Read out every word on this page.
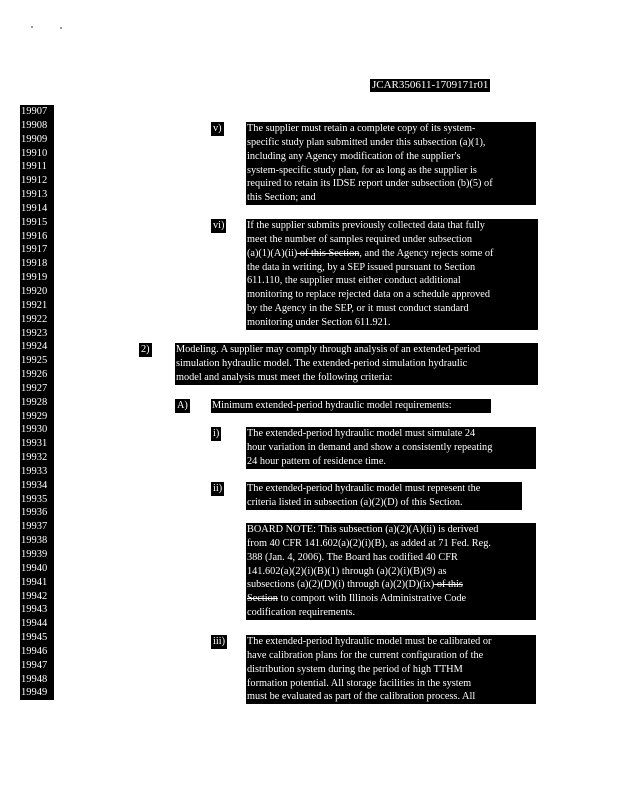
JCAR350611-1709171r01
19907
19908
19909
19910
19911
19912
19913
19914
19915
19916
19917
19918
19919
19920
19921
19922
19923
19924
19925
19926
19927
19928
19929
19930
19931
19932
19933
19934
19935
19936
19937
19938
19939
19940
19941
19942
19943
19944
19945
19946
19947
19948
19949
v) The supplier must retain a complete copy of its system-
specific study plan submitted under this subsection (a)(1),
including any Agency modification of the supplier's
system-specific study plan, for as long as the supplier is
required to retain its IDSE report under subsection (b)(5) of
this Section; and
vi) If the supplier submits previously collected data that fully
meet the number of samples required under subsection
(a)(1)(A)(ii) of this Section, and the Agency rejects some of
the data in writing, by a SEP issued pursuant to Section
611.110, the supplier must either conduct additional
monitoring to replace rejected data on a schedule approved
by the Agency in the SEP, or it must conduct standard
monitoring under Section 611.921.
2)	Modeling. A supplier may comply through analysis of an extended-period
simulation hydraulic model. The extended-period simulation hydraulic
model and analysis must meet the following criteria:
A) Minimum extended-period hydraulic model requirements:
i)	The extended-period hydraulic model must simulate 24
hour variation in demand and show a consistently repeating
24 hour pattern of residence time.
ii) The extended-period hydraulic model must represent the
criteria listed in subsection (a)(2)(D) of this Section.
BOARD NOTE: This subsection (a)(2)(A)(ii) is derived
from 40 CFR 141.602(a)(2)(i)(B), as added at 71 Fed. Reg.
388 (Jan. 4, 2006). The Board has codified 40 CFR
141.602(a)(2)(i)(B)(1) through (a)(2)(i)(B)(9) as
subsections (a)(2)(D)(i) through (a)(2)(D)(ix) of this
Section to comport with Illinois Administrative Code
codification requirements.
iii) The extended-period hydraulic model must be calibrated or
have calibration plans for the current configuration of the
distribution system during the period of high TTHM
formation potential. All storage facilities in the system
must be evaluated as part of the calibration process. All
